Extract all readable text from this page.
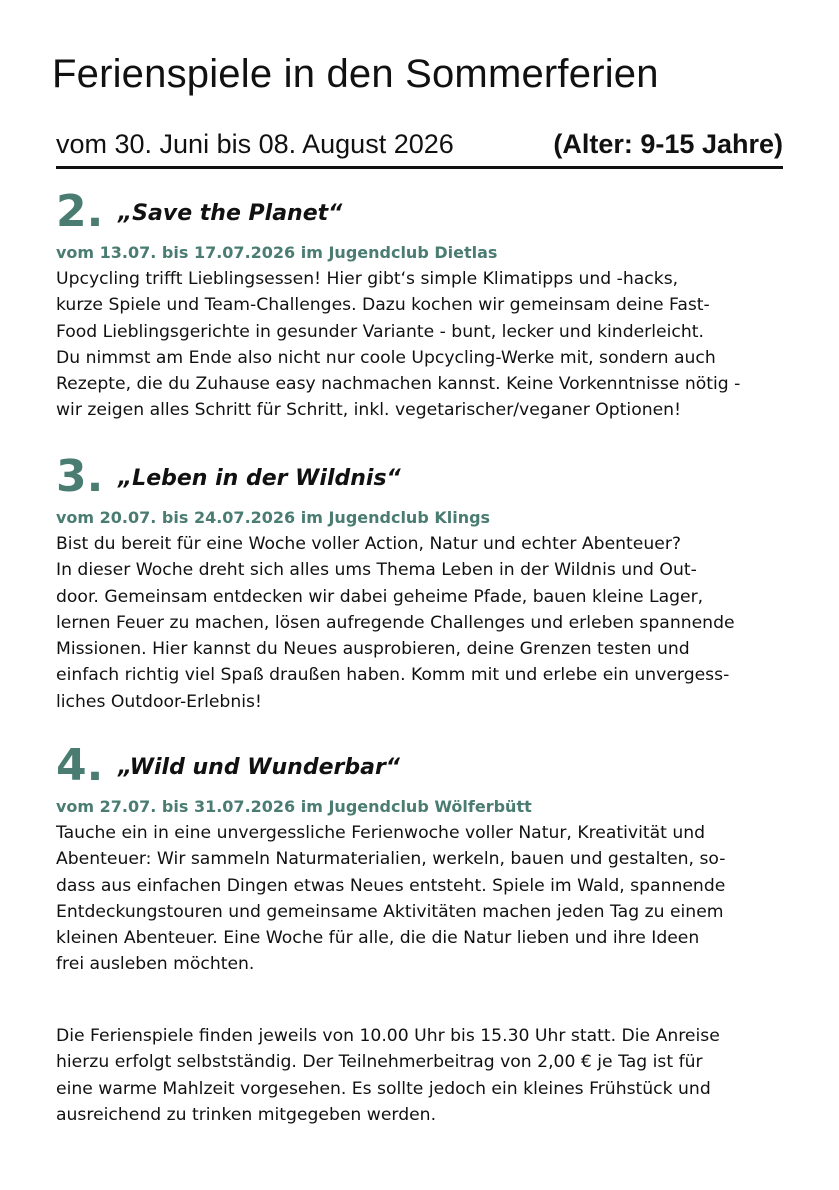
Ferienspiele in den Sommerferien
vom 30. Juni bis 08. August 2026	(Alter: 9-15 Jahre)
2. „Save the Planet“
vom 13.07. bis 17.07.2026 im Jugendclub Dietlas

Upcycling trifft Lieblingsessen! Hier gibt‘s simple Klimatipps und -hacks,

kurze Spiele und Team-Challenges. Dazu kochen wir gemeinsam deine Fast-

Food Lieblingsgerichte in gesunder Variante - bunt, lecker und kinderleicht.

Du nimmst am Ende also nicht nur coole Upcycling-Werke mit, sondern auch

Rezepte, die du Zuhause easy nachmachen kannst. Keine Vorkenntnisse nötig -

wir zeigen alles Schritt für Schritt, inkl. vegetarischer/veganer Optionen!

3. „Leben in der Wildnis“
vom 20.07. bis 24.07.2026 im Jugendclub Klings

Bist du bereit für eine Woche voller Action, Natur und echter Abenteuer?

In dieser Woche dreht sich alles ums Thema Leben in der Wildnis und Out-

door. Gemeinsam entdecken wir dabei geheime Pfade, bauen kleine Lager,

lernen Feuer zu machen, lösen aufregende Challenges und erleben spannende

Missionen. Hier kannst du Neues ausprobieren, deine Grenzen testen und

einfach richtig viel Spaß draußen haben. Komm mit und erlebe ein unvergess-

liches Outdoor-Erlebnis!

4. „Wild und Wunderbar“
vom 27.07. bis 31.07.2026 im Jugendclub Wölferbütt

Tauche ein in eine unvergessliche Ferienwoche voller Natur, Kreativität und

Abenteuer: Wir sammeln Naturmaterialien, werkeln, bauen und gestalten, so-

dass aus einfachen Dingen etwas Neues entsteht. Spiele im Wald, spannende

Entdeckungstouren und gemeinsame Aktivitäten machen jeden Tag zu einem

kleinen Abenteuer. Eine Woche für alle, die die Natur lieben und ihre Ideen

frei ausleben möchten.

Die Ferienspiele finden jeweils von 10.00 Uhr bis 15.30 Uhr statt. Die Anreise

hierzu erfolgt selbstständig. Der Teilnehmerbeitrag von 2,00 € je Tag ist für

eine warme Mahlzeit vorgesehen. Es sollte jedoch ein kleines Frühstück und

ausreichend zu trinken mitgegeben werden.
